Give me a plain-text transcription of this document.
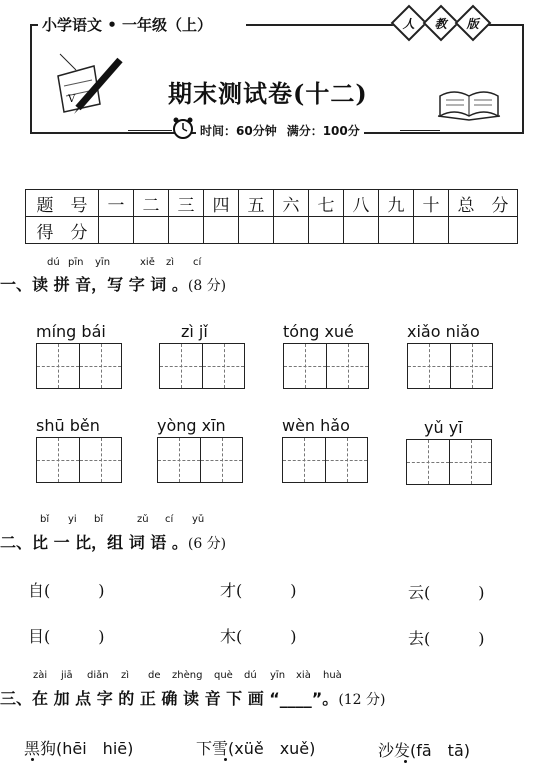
小学语文 • 一年级（上）	人 教 版
V	期末测试卷(十二)
时间：60分钟 满分：100分
题　号	一	二	三	四	五	六	七	八	九	十	总　分
得　分											
dú pīn yīn	xiě zì cí
一、读 拼 音，写 字 词 。(8 分)
míng bái	zì jǐ	tóng xué	xiǎo niǎo
shū běn	yòng xīn	wèn hǎo	yǔ yī
bǐ yi bǐ	zǔ cí yǔ
二、比 一 比，组 词 语 。(6 分)
自(　　　)	才(　　　)	云(　　　)
目(　　　)	木(　　　)	去(　　　)
zài jiā diǎn zì de zhèng què dú yīn xià huà
三、在 加 点 字 的 正 确 读 音 下 画 “____”。(12 分)
黑狗(hēi　hiē)	下雪(xüě　xuě)	沙发(fā　tā)
